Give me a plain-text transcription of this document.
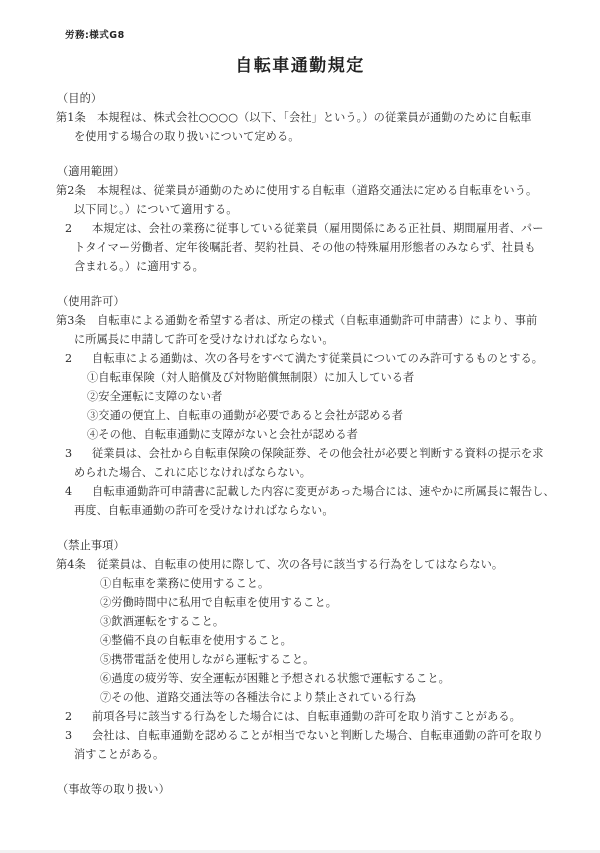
労務:様式G8
自転車通勤規定
（目的）
第1条　本規程は、株式会社○○○○（以下、「会社」という。）の従業員が通勤のために自転車
を使用する場合の取り扱いについて定める。
（適用範囲）
第2条　本規程は、従業員が通勤のために使用する自転車（道路交通法に定める自転車をいう。
以下同じ。）について適用する。
2 本規定は、会社の業務に従事している従業員（雇用関係にある正社員、期間雇用者、パー
トタイマー労働者、定年後嘱託者、契約社員、その他の特殊雇用形態者のみならず、社員も
含まれる。）に適用する。
（使用許可）
第3条　自転車による通勤を希望する者は、所定の様式（自転車通勤許可申請書）により、事前
に所属長に申請して許可を受けなければならない。
2 自転車による通勤は、次の各号をすべて満たす従業員についてのみ許可するものとする。
①自転車保険（対人賠償及び対物賠償無制限）に加入している者
②安全運転に支障のない者
③交通の便宜上、自転車の通勤が必要であると会社が認める者
④その他、自転車通勤に支障がないと会社が認める者
3 従業員は、会社から自転車保険の保険証券、その他会社が必要と判断する資料の提示を求
められた場合、これに応じなければならない。
4 自転車通勤許可申請書に記載した内容に変更があった場合には、速やかに所属長に報告し、
再度、自転車通勤の許可を受けなければならない。
（禁止事項）
第4条　従業員は、自転車の使用に際して、次の各号に該当する行為をしてはならない。
①自転車を業務に使用すること。
②労働時間中に私用で自転車を使用すること。
③飲酒運転をすること。
④整備不良の自転車を使用すること。
⑤携帯電話を使用しながら運転すること。
⑥過度の疲労等、安全運転が困難と予想される状態で運転すること。
⑦その他、道路交通法等の各種法令により禁止されている行為
2 前項各号に該当する行為をした場合には、自転車通勤の許可を取り消すことがある。
3 会社は、自転車通勤を認めることが相当でないと判断した場合、自転車通勤の許可を取り
消すことがある。
（事故等の取り扱い）
